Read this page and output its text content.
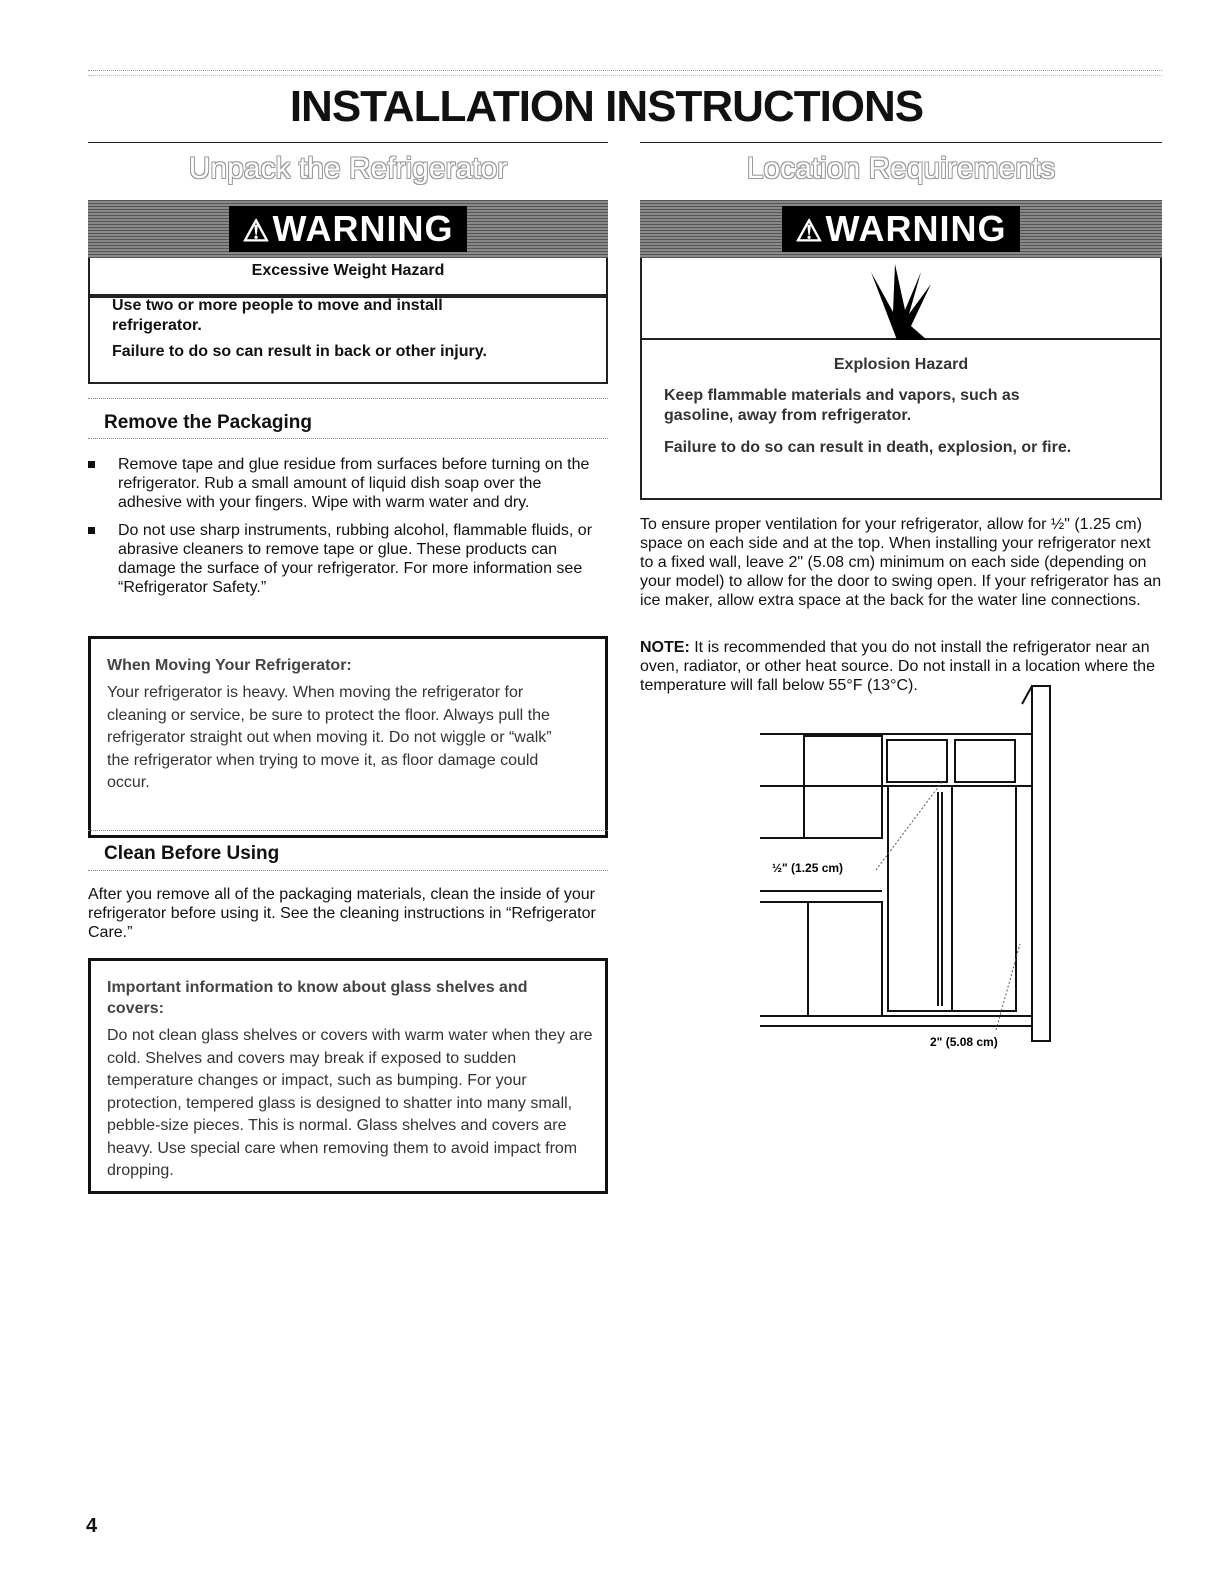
INSTALLATION INSTRUCTIONS
Unpack the Refrigerator
⚠WARNING
Excessive Weight Hazard

Use two or more people to move and install refrigerator.

Failure to do so can result in back or other injury.

Remove the Packaging
Remove tape and glue residue from surfaces before turning on the refrigerator. Rub a small amount of liquid dish soap over the adhesive with your fingers. Wipe with warm water and dry.
Do not use sharp instruments, rubbing alcohol, flammable fluids, or abrasive cleaners to remove tape or glue. These products can damage the surface of your refrigerator. For more information see “Refrigerator Safety.”
When Moving Your Refrigerator:
Your refrigerator is heavy. When moving the refrigerator for cleaning or service, be sure to protect the floor. Always pull the refrigerator straight out when moving it. Do not wiggle or “walk” the refrigerator when trying to move it, as floor damage could occur.
Clean Before Using

After you remove all of the packaging materials, clean the inside of your refrigerator before using it. See the cleaning instructions in “Refrigerator Care.”

Important information to know about glass shelves and covers:
Do not clean glass shelves or covers with warm water when they are cold. Shelves and covers may break if exposed to sudden temperature changes or impact, such as bumping. For your protection, tempered glass is designed to shatter into many small, pebble-size pieces. This is normal. Glass shelves and covers are heavy. Use special care when removing them to avoid impact from dropping.
Location Requirements
⚠WARNING
Explosion Hazard

Keep flammable materials and vapors, such as gasoline, away from refrigerator.

Failure to do so can result in death, explosion, or fire.

To ensure proper ventilation for your refrigerator, allow for ½" (1.25 cm) space on each side and at the top. When installing your refrigerator next to a fixed wall, leave 2" (5.08 cm) minimum on each side (depending on your model) to allow for the door to swing open. If your refrigerator has an ice maker, allow extra space at the back for the water line connections.

NOTE: It is recommended that you do not install the refrigerator near an oven, radiator, or other heat source. Do not install in a location where the temperature will fall below 55°F (13°C).

½" (1.25 cm)
2" (5.08 cm)
4
